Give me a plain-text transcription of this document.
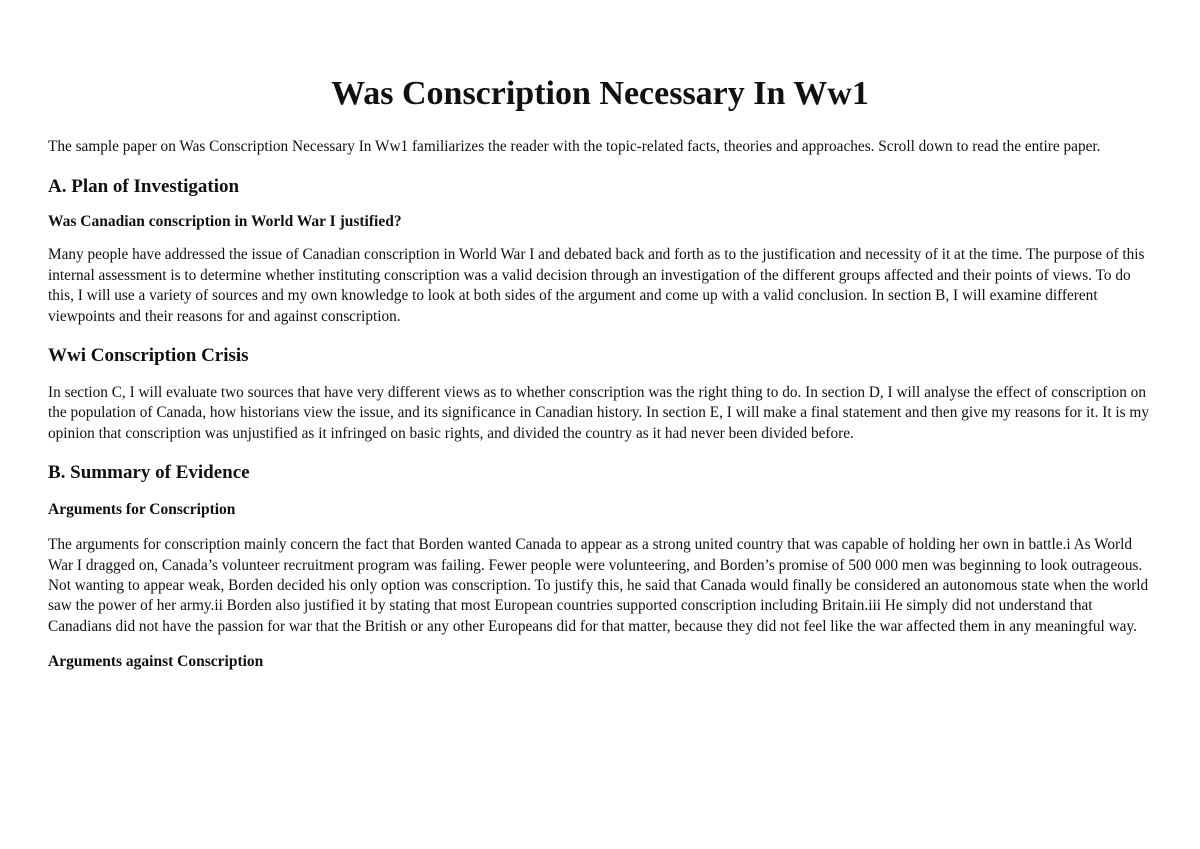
Was Conscription Necessary In Ww1

The sample paper on Was Conscription Necessary In Ww1 familiarizes the reader with the topic-related facts, theories and approaches. Scroll down to read the entire paper.

A. Plan of Investigation
Was Canadian conscription in World War I justified?

Many people have addressed the issue of Canadian conscription in World War I and debated back and forth as to the justification and necessity of it at the time. The purpose of this internal assessment is to determine whether instituting conscription was a valid decision through an investigation of the different groups affected and their points of views. To do this, I will use a variety of sources and my own knowledge to look at both sides of the argument and come up with a valid conclusion. In section B, I will examine different viewpoints and their reasons for and against conscription.

Wwi Conscription Crisis

In section C, I will evaluate two sources that have very different views as to whether conscription was the right thing to do. In section D, I will analyse the effect of conscription on the population of Canada, how historians view the issue, and its significance in Canadian history. In section E, I will make a final statement and then give my reasons for it. It is my opinion that conscription was unjustified as it infringed on basic rights, and divided the country as it had never been divided before.

B. Summary of Evidence
Arguments for Conscription

The arguments for conscription mainly concern the fact that Borden wanted Canada to appear as a strong united country that was capable of holding her own in battle.i As World War I dragged on, Canada’s volunteer recruitment program was failing. Fewer people were volunteering, and Borden’s promise of 500 000 men was beginning to look outrageous. Not wanting to appear weak, Borden decided his only option was conscription. To justify this, he said that Canada would finally be considered an autonomous state when the world saw the power of her army.ii Borden also justified it by stating that most European countries supported conscription including Britain.iii He simply did not understand that Canadians did not have the passion for war that the British or any other Europeans did for that matter, because they did not feel like the war affected them in any meaningful way.

Arguments against Conscription
